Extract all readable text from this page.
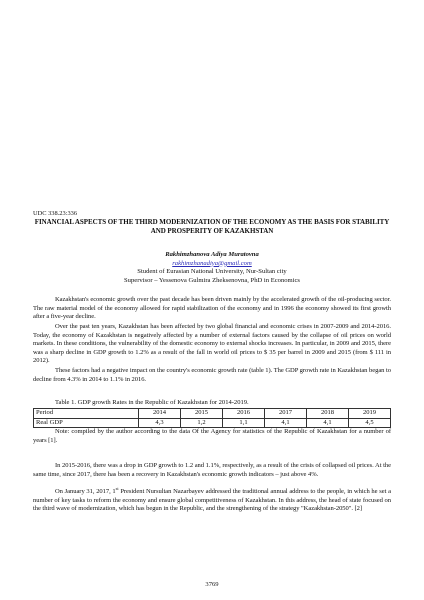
UDC 338.23:336
FINANCIAL ASPECTS OF THE THIRD MODERNIZATION OF THE ECONOMY AS THE BASIS FOR STABILITY AND PROSPERITY OF KAZAKHSTAN
Rakhimzhanova Adiya Muratovna
rakhimzhanadiya@gmail.com
Student of Eurasian National University, Nur-Sultan city
Supervisor – Yessenova Gulmira Zheksenovna, PhD in Economics

Kazakhstan's economic growth over the past decade has been driven mainly by the accelerated growth of the oil-producing sector. The raw material model of the economy allowed for rapid stabilization of the economy and in 1996 the economy showed its first growth after a five-year decline.

Over the past ten years, Kazakhstan has been affected by two global financial and economic crises in 2007-2009 and 2014-2016. Today, the economy of Kazakhstan is negatively affected by a number of external factors caused by the collapse of oil prices on world markets. In these conditions, the vulnerability of the domestic economy to external shocks increases. In particular, in 2009 and 2015, there was a sharp decline in GDP growth to 1.2% as a result of the fall in world oil prices to $ 35 per barrel in 2009 and 2015 (from $ 111 in 2012).

These factors had a negative impact on the country's economic growth rate (table 1). The GDP growth rate in Kazakhstan began to decline from 4.3% in 2014 to 1.1% in 2016.

Table 1. GDP growth Rates in the Republic of Kazakhstan for 2014-2019.
Period	2014	2015	2016	2017	2018	2019
Real GDP	4,3	1,2	1,1	4,1	4,1	4,5

Note: compiled by the author according to the data Of the Agency for statistics of the Republic of Kazakhstan for a number of years [1].

In 2015-2016, there was a drop in GDP growth to 1.2 and 1.1%, respectively, as a result of the crisis of collapsed oil prices. At the same time, since 2017, there has been a recovery in Kazakhstan's economic growth indicators – just above 4%.

On January 31, 2017, 1st President Nursultan Nazarbayev addressed the traditional annual address to the people, in which he set a number of key tasks to reform the economy and ensure global competitiveness of Kazakhstan. In this address, the head of state focused on the third wave of modernization, which has begun in the Republic, and the strengthening of the strategy "Kazakhstan-2050". [2]

3769
